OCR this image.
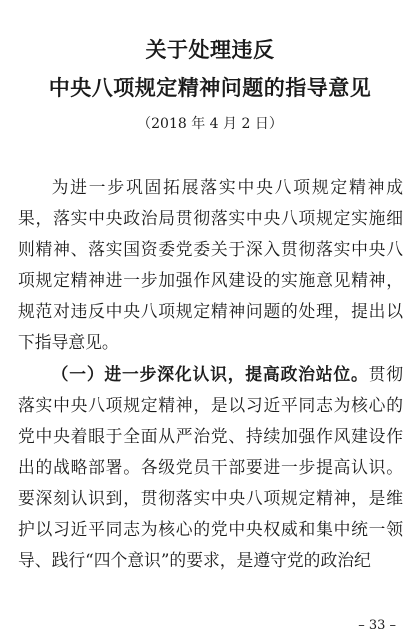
关于处理违反
中央八项规定精神问题的指导意见

（2018 年 4 月 2 日）

为进一步巩固拓展落实中央八项规定精神成果，落实中央政治局贯彻落实中央八项规定实施细则精神、落实国资委党委关于深入贯彻落实中央八项规定精神进一步加强作风建设的实施意见精神，规范对违反中央八项规定精神问题的处理，提出以下指导意见。

（一）进一步深化认识，提高政治站位。贯彻落实中央八项规定精神，是以习近平同志为核心的党中央着眼于全面从严治党、持续加强作风建设作出的战略部署。各级党员干部要进一步提高认识。要深刻认识到，贯彻落实中央八项规定精神，是维护以习近平同志为核心的党中央权威和集中统一领导、践行“四个意识”的要求，是遵守党的政治纪

– 33 –
